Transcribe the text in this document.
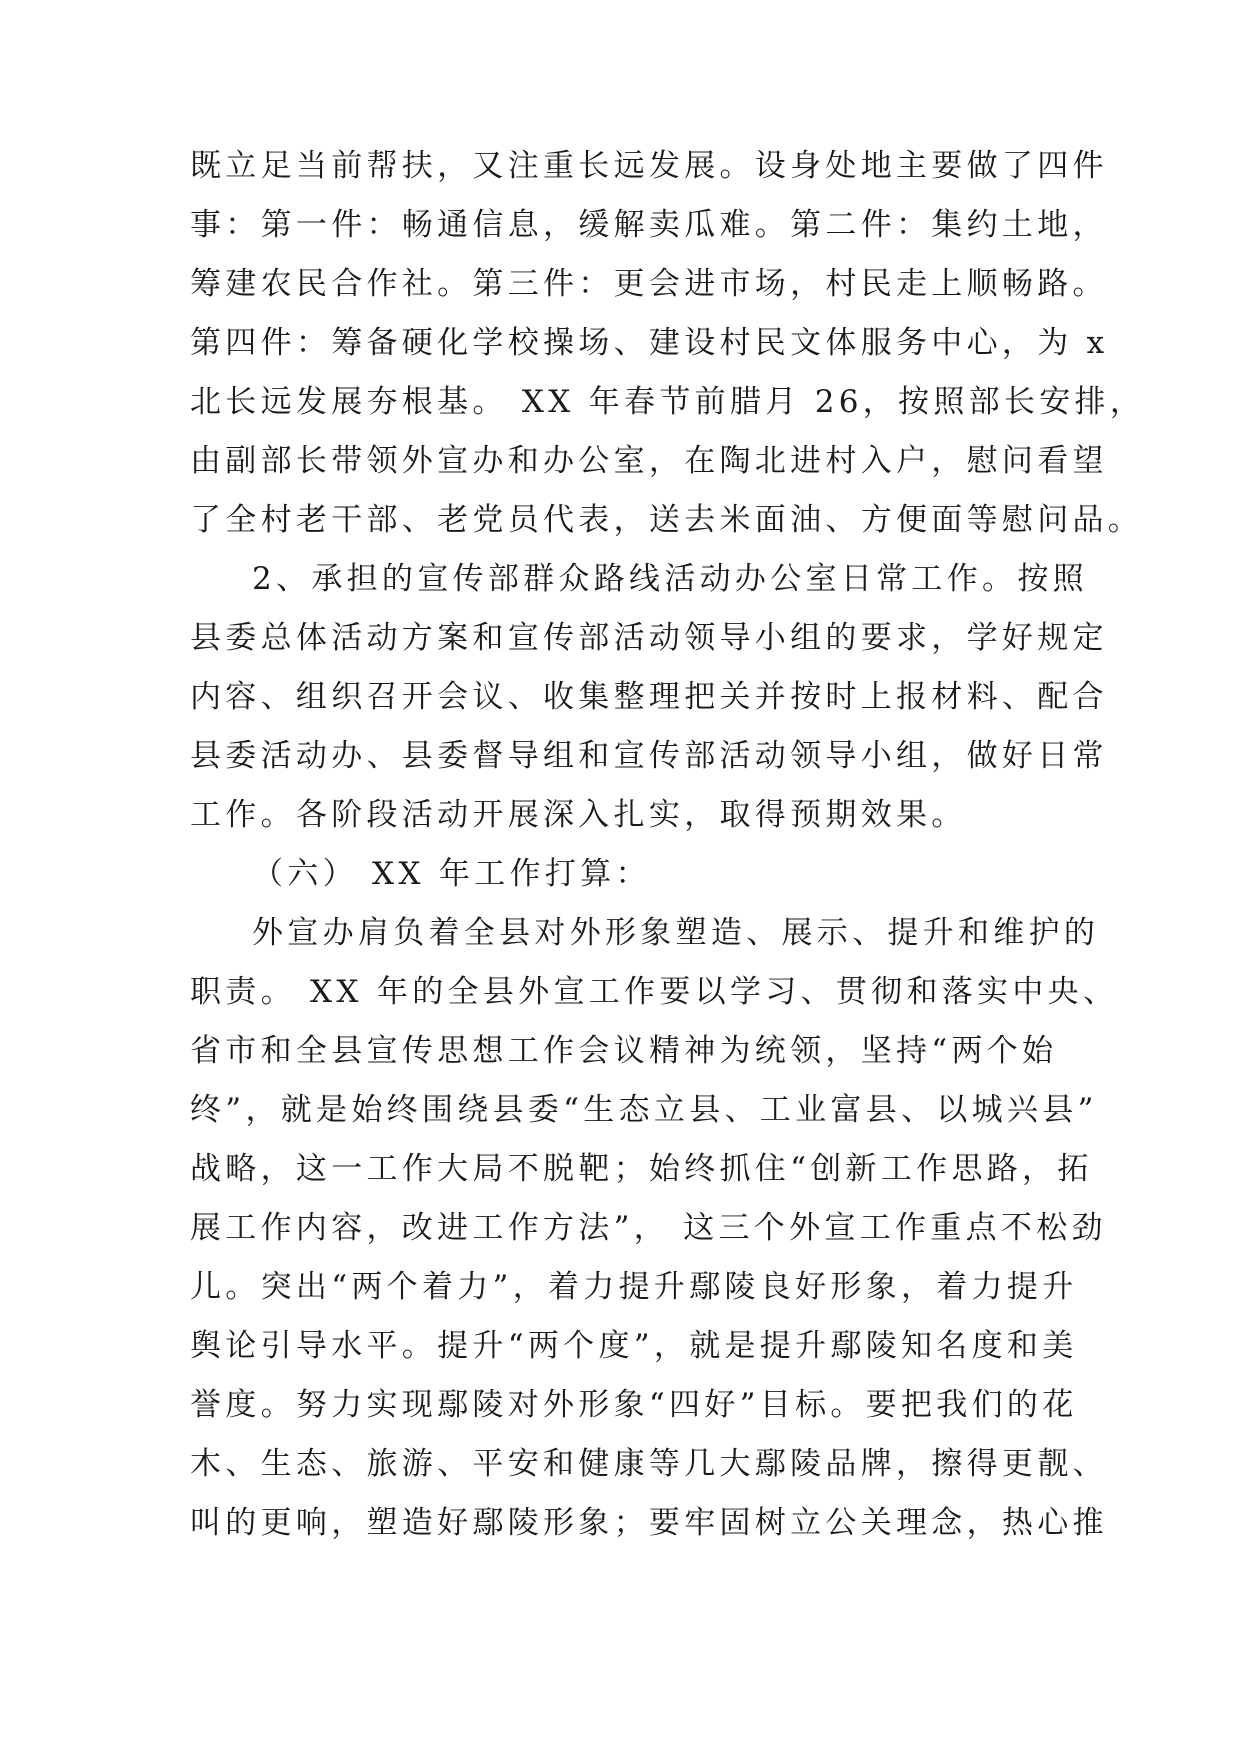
既立足当前帮扶，又注重长远发展。设身处地主要做了四件
事：第一件：畅通信息，缓解卖瓜难。第二件：集约土地，
筹建农民合作社。第三件：更会进市场，村民走上顺畅路。
第四件：筹备硬化学校操场、建设村民文体服务中心，为 x
北长远发展夯根基。 XX 年春节前腊月 26，按照部长安排，
由副部长带领外宣办和办公室，在陶北进村入户，慰问看望
了全村老干部、老党员代表，送去米面油、方便面等慰问品。
2、承担的宣传部群众路线活动办公室日常工作。按照
县委总体活动方案和宣传部活动领导小组的要求，学好规定
内容、组织召开会议、收集整理把关并按时上报材料、配合
县委活动办、县委督导组和宣传部活动领导小组，做好日常
工作。各阶段活动开展深入扎实，取得预期效果。
（六） XX 年工作打算：
外宣办肩负着全县对外形象塑造、展示、提升和维护的
职责。 XX 年的全县外宣工作要以学习、贯彻和落实中央、
省市和全县宣传思想工作会议精神为统领，坚持“两个始
终”，就是始终围绕县委“生态立县、工业富县、以城兴县”
战略，这一工作大局不脱靶；始终抓住“创新工作思路，拓
展工作内容，改进工作方法”， 这三个外宣工作重点不松劲
儿。突出“两个着力”，着力提升鄢陵良好形象，着力提升
舆论引导水平。提升“两个度”，就是提升鄢陵知名度和美
誉度。努力实现鄢陵对外形象“四好”目标。要把我们的花
木、生态、旅游、平安和健康等几大鄢陵品牌，擦得更靓、
叫的更响，塑造好鄢陵形象；要牢固树立公关理念，热心推
